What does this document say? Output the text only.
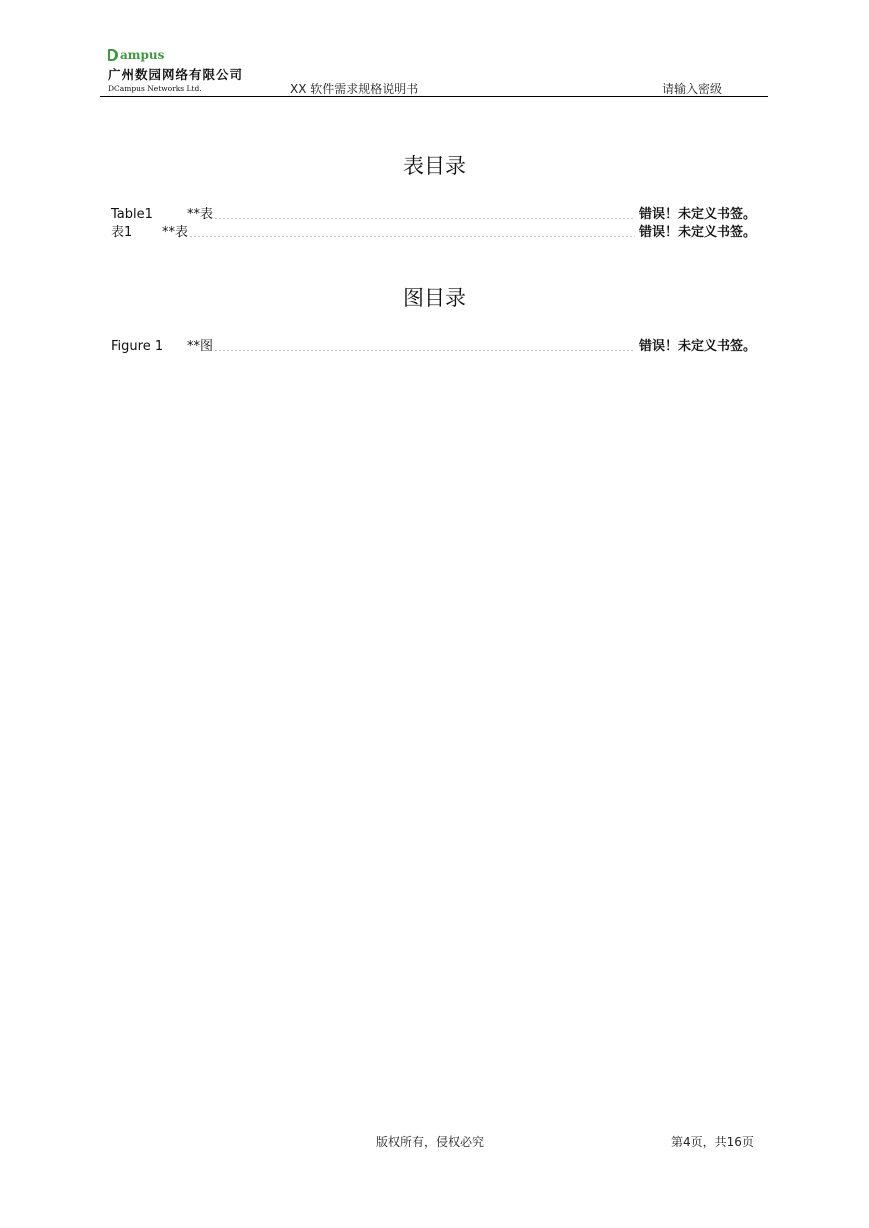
ampus
广州数园网络有限公司
DCampus Networks Ltd.	XX 软件需求规格说明书	请输入密级
表目录
Table1	**表	错误！未定义书签。
表1	**表	错误！未定义书签。
图目录
Figure 1	**图	错误！未定义书签。
版权所有，侵权必究	第4页，共16页
